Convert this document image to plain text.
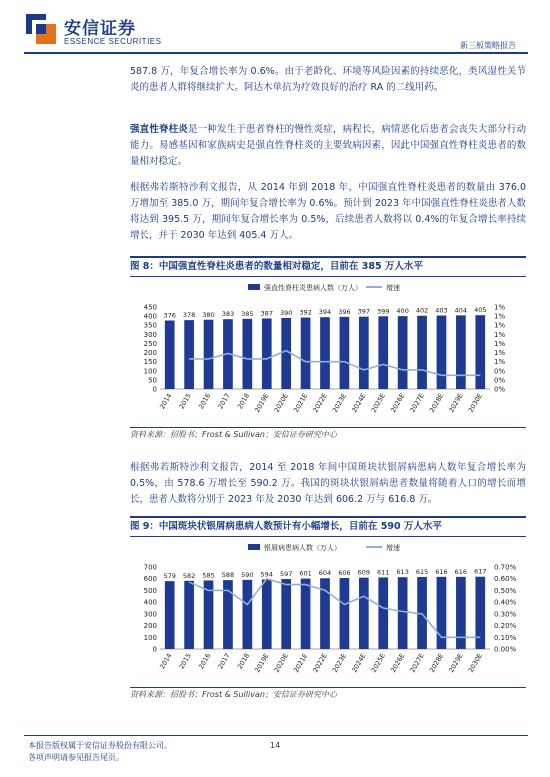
安信证券
ESSENCE SECURITIES	新三板策略报告

587.8 万，年复合增长率为 0.6%。由于老龄化、环境等风险因素的持续恶化，类风湿性关节炎的患者人群将继续扩大。阿达木单抗为疗效良好的治疗 RA 的二线用药。

强直性脊柱炎是一种发生于患者脊柱的慢性炎症，病程长，病情恶化后患者会丧失大部分行动能力。易感基因和家族病史是强直性脊柱炎的主要致病因素，因此中国强直性脊柱炎患者的数量相对稳定。

根据弗若斯特沙利文报告，从 2014 年到 2018 年，中国强直性脊柱炎患者的数量由 376.0 万增加至 385.0 万，期间年复合增长率为 0.6%。预计到 2023 年中国强直性脊柱炎患者人数将达到 395.5 万，期间年复合增长率为 0.5%，后续患者人数将以 0.4%的年复合增长率持续增长，并于 2030 年达到 405.4 万人。

图 8：中国强直性脊柱炎患者的数量相对稳定，目前在 385 万人水平

强直性脊柱炎患病人数（万人）	增速
0
50
100
150
200
250
300
350
400
450
0%
0%
0%
1%
1%
1%
1%
1%
1%
1%
376
2014
378
2015
380
2016
383
2017
385
2018
387
2019E
390
2020E
392
2021E
394
2022E
396
2023E
397
2024E
399
2025E
400
2026E
402
2027E
403
2028E
404
2029E
405
2030E

资料来源：招股书；Frost & Sullivan；安信证券研究中心

根据弗若斯特沙利文报告，2014 至 2018 年间中国斑块状银屑病患病人数年复合增长率为 0.5%，由 578.6 万增长至 590.2 万。我国的斑块状银屑病患者数量将随着人口的增长而增长，患者人数将分别于 2023 年及 2030 年达到 606.2 万与 616.8 万。

图 9：中国斑块状银屑病患病人数预计有小幅增长，目前在 590 万人水平

银屑病患病人数（万人）	增速
0
100
200
300
400
500
600
700
0.00%
0.10%
0.20%
0.30%
0.40%
0.50%
0.60%
0.70%
579
2014
582
2015
585
2016
588
2017
590
2018
594
2019E
597
2020E
601
2021E
604
2022E
606
2023E
609
2024E
611
2025E
613
2026E
615
2027E
616
2028E
616
2029E
617
2030E

资料来源：招股书；Frost & Sullivan；安信证券研究中心

本报告版权属于安信证券股份有限公司。
各项声明请参见报告尾页。
14
